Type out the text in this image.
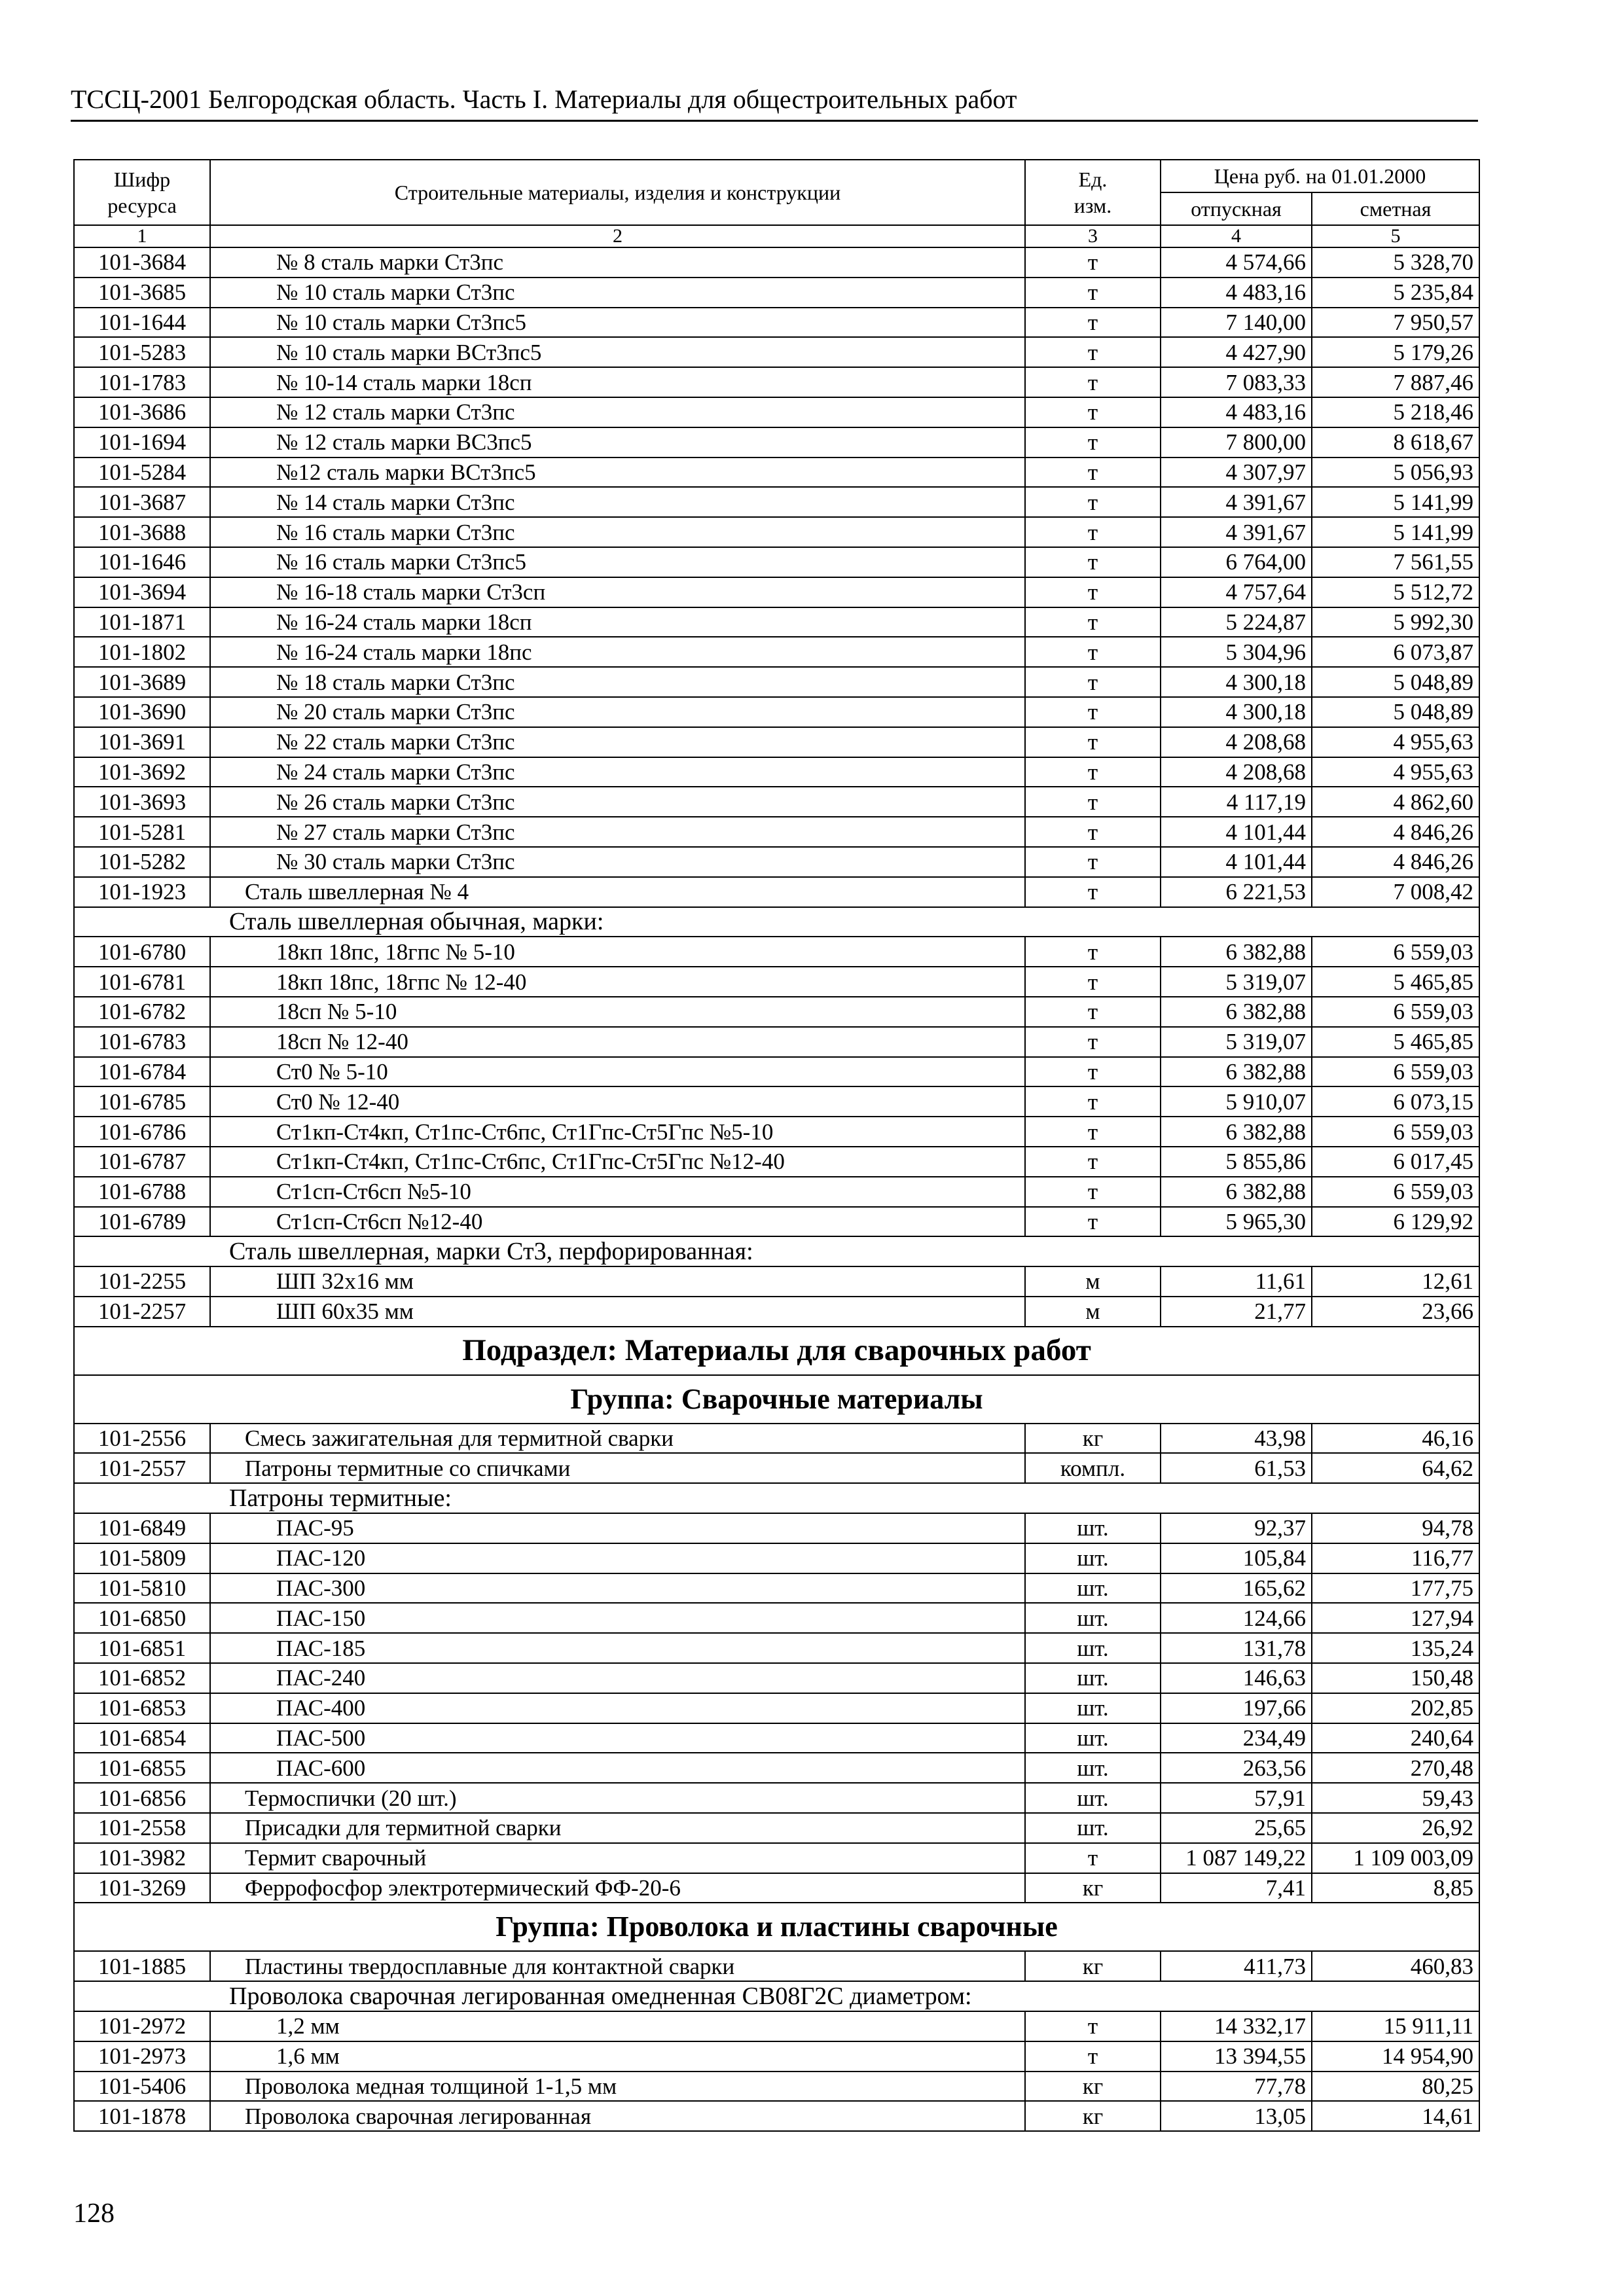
ТССЦ-2001 Белгородская область. Часть I. Материалы для общестроительных работ
Шифр ресурса	Строительные материалы, изделия и конструкции	Ед. изм.	Цена руб. на 01.01.2000	
			отпускная	сметная
1	2	3	4	5
101-3684	№ 8 сталь марки Ст3пс	т	4 574,66	5 328,70
101-3685	№ 10 сталь марки Ст3пс	т	4 483,16	5 235,84
101-1644	№ 10 сталь марки Ст3пс5	т	7 140,00	7 950,57
101-5283	№ 10 сталь марки ВСт3пс5	т	4 427,90	5 179,26
101-1783	№ 10-14 сталь марки 18сп	т	7 083,33	7 887,46
101-3686	№ 12 сталь марки Ст3пс	т	4 483,16	5 218,46
101-1694	№ 12 сталь марки ВС3пс5	т	7 800,00	8 618,67
101-5284	№12 сталь марки ВСт3пс5	т	4 307,97	5 056,93
101-3687	№ 14 сталь марки Ст3пс	т	4 391,67	5 141,99
101-3688	№ 16 сталь марки Ст3пс	т	4 391,67	5 141,99
101-1646	№ 16 сталь марки Ст3пс5	т	6 764,00	7 561,55
101-3694	№ 16-18 сталь марки Ст3сп	т	4 757,64	5 512,72
101-1871	№ 16-24 сталь марки 18сп	т	5 224,87	5 992,30
101-1802	№ 16-24 сталь марки 18пс	т	5 304,96	6 073,87
101-3689	№ 18 сталь марки Ст3пс	т	4 300,18	5 048,89
101-3690	№ 20 сталь марки Ст3пс	т	4 300,18	5 048,89
101-3691	№ 22 сталь марки Ст3пс	т	4 208,68	4 955,63
101-3692	№ 24 сталь марки Ст3пс	т	4 208,68	4 955,63
101-3693	№ 26 сталь марки Ст3пс	т	4 117,19	4 862,60
101-5281	№ 27 сталь марки Ст3пс	т	4 101,44	4 846,26
101-5282	№ 30 сталь марки Ст3пс	т	4 101,44	4 846,26
101-1923	Сталь швеллерная № 4	т	6 221,53	7 008,42
Сталь швеллерная обычная, марки:				
101-6780	18кп 18пс, 18гпс № 5-10	т	6 382,88	6 559,03
101-6781	18кп 18пс, 18гпс № 12-40	т	5 319,07	5 465,85
101-6782	18сп № 5-10	т	6 382,88	6 559,03
101-6783	18сп № 12-40	т	5 319,07	5 465,85
101-6784	Ст0 № 5-10	т	6 382,88	6 559,03
101-6785	Ст0 № 12-40	т	5 910,07	6 073,15
101-6786	Ст1кп-Ст4кп, Ст1пс-Ст6пс, Ст1Гпс-Ст5Гпс №5-10	т	6 382,88	6 559,03
101-6787	Ст1кп-Ст4кп, Ст1пс-Ст6пс, Ст1Гпс-Ст5Гпс №12-40	т	5 855,86	6 017,45
101-6788	Ст1сп-Ст6сп №5-10	т	6 382,88	6 559,03
101-6789	Ст1сп-Ст6сп №12-40	т	5 965,30	6 129,92
Сталь швеллерная, марки Ст3, перфорированная:				
101-2255	ШП 32х16 мм	м	11,61	12,61
101-2257	ШП 60х35 мм	м	21,77	23,66
Подраздел: Материалы для сварочных работ				
Группа: Сварочные материалы				
101-2556	Смесь зажигательная для термитной сварки	кг	43,98	46,16
101-2557	Патроны термитные со спичками	компл.	61,53	64,62
Патроны термитные:				
101-6849	ПАС-95	шт.	92,37	94,78
101-5809	ПАС-120	шт.	105,84	116,77
101-5810	ПАС-300	шт.	165,62	177,75
101-6850	ПАС-150	шт.	124,66	127,94
101-6851	ПАС-185	шт.	131,78	135,24
101-6852	ПАС-240	шт.	146,63	150,48
101-6853	ПАС-400	шт.	197,66	202,85
101-6854	ПАС-500	шт.	234,49	240,64
101-6855	ПАС-600	шт.	263,56	270,48
101-6856	Термоспички (20 шт.)	шт.	57,91	59,43
101-2558	Присадки для термитной сварки	шт.	25,65	26,92
101-3982	Термит сварочный	т	1 087 149,22	1 109 003,09
101-3269	Феррофосфор электротермический ФФ-20-6	кг	7,41	8,85
Группа: Проволока и пластины сварочные				
101-1885	Пластины твердосплавные для контактной сварки	кг	411,73	460,83
Проволока сварочная легированная омедненная СВ08Г2С диаметром:				
101-2972	1,2 мм	т	14 332,17	15 911,11
101-2973	1,6 мм	т	13 394,55	14 954,90
101-5406	Проволока медная толщиной 1-1,5 мм	кг	77,78	80,25
101-1878	Проволока сварочная легированная	кг	13,05	14,61
128
